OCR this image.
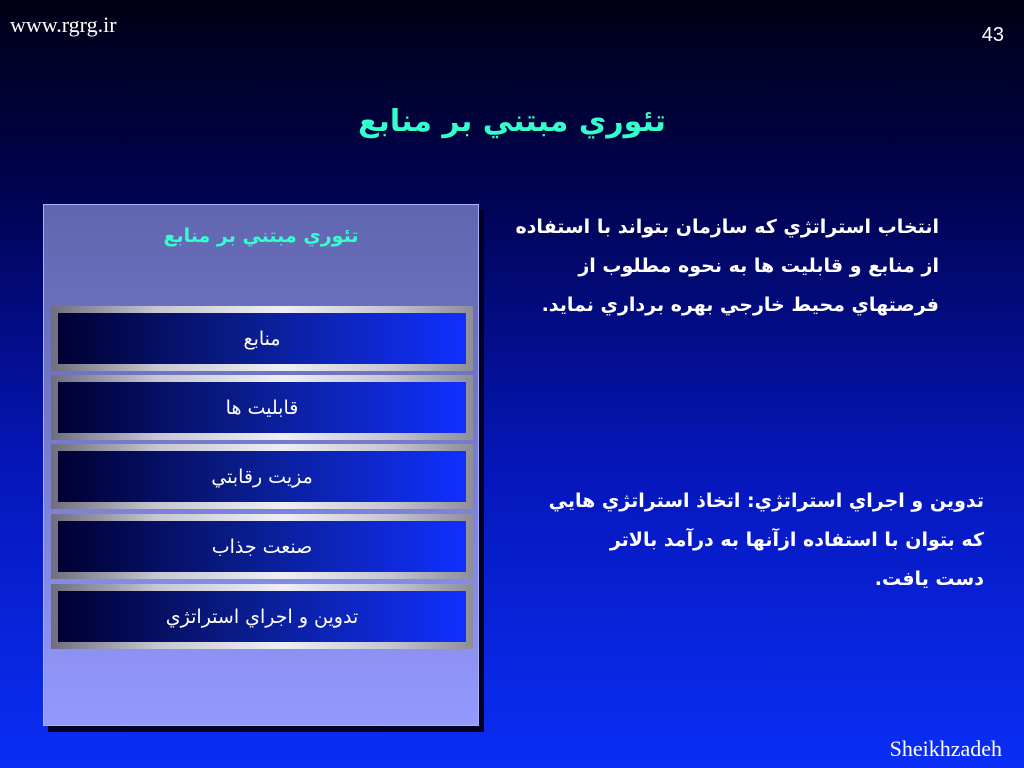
www.rgrg.ir	43
تئوري مبتني بر منابع
تئوري مبتني بر منابع
منابع
قابليت ها
مزيت رقابتي
صنعت جذاب
تدوين و اجراي استراتژي
انتخاب استراتژي كه سازمان بتواند با استفاده
از منابع و قابليت ها به نحوه مطلوب از
فرصتهاي محيط خارجي بهره برداري نمايد.
تدوين و اجراي استراتژي: اتخاذ استراتژي هايي
كه بتوان با استفاده ازآنها به درآمد بالاتر
دست يافت.
Sheikhzadeh
